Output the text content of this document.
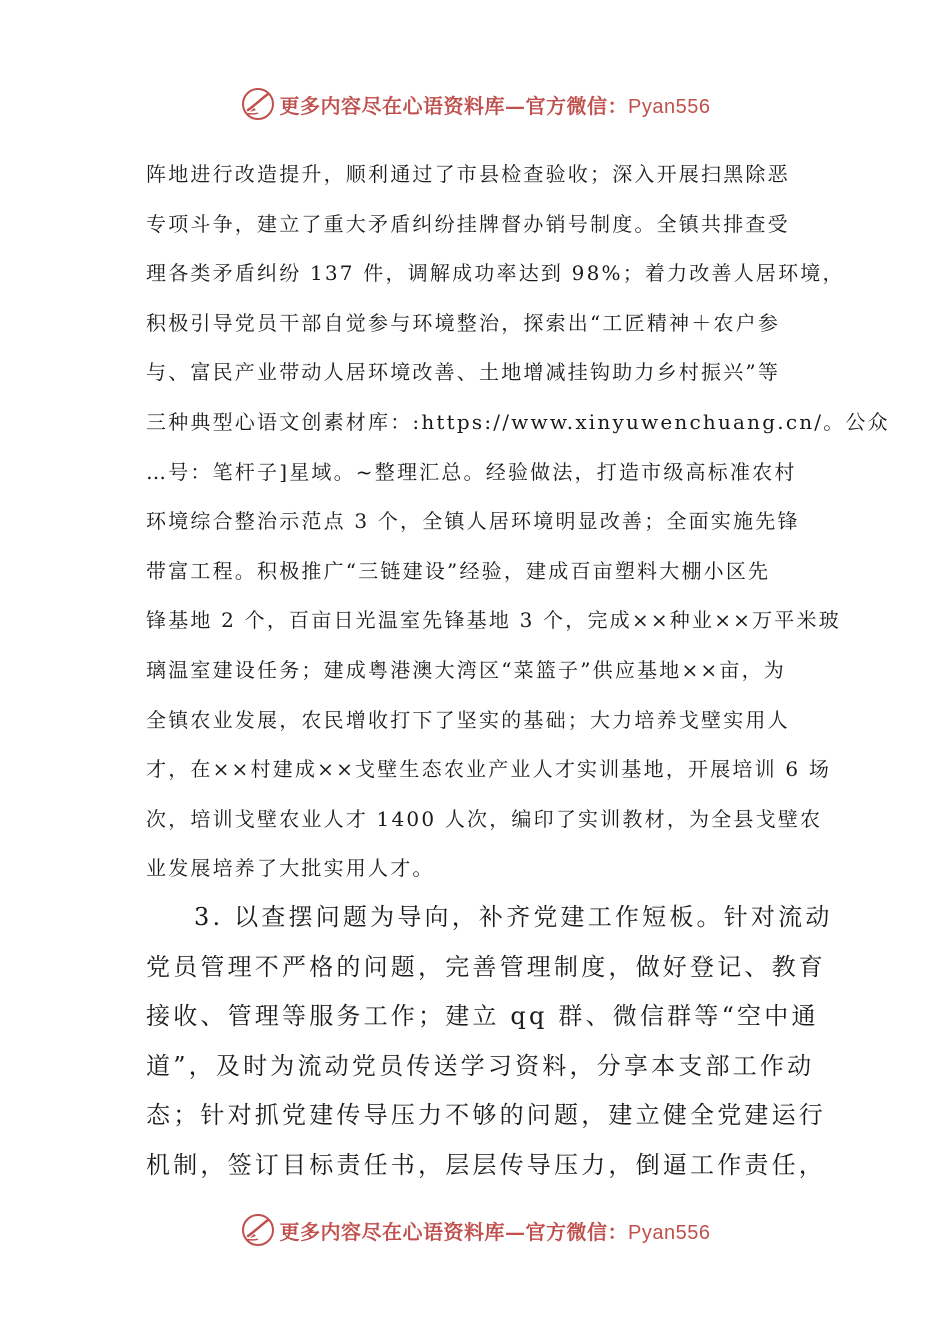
更多内容尽在心语资料库—官方微信：Pyan556
阵地进行改造提升，顺利通过了市县检查验收；深入开展扫黑除恶
专项斗争，建立了重大矛盾纠纷挂牌督办销号制度。全镇共排查受
理各类矛盾纠纷 137 件，调解成功率达到 98%；着力改善人居环境，
积极引导党员干部自觉参与环境整治，探索出“工匠精神＋农户参
与、富民产业带动人居环境改善、土地增减挂钩助力乡村振兴”等
三种典型心语文创素材库：:https://www.xinyuwenchuang.cn/。公众
…号：笔杆子]星域。~整理汇总。经验做法，打造市级高标准农村
环境综合整治示范点 3 个，全镇人居环境明显改善；全面实施先锋
带富工程。积极推广“三链建设”经验，建成百亩塑料大棚小区先
锋基地 2 个，百亩日光温室先锋基地 3 个，完成××种业××万平米玻
璃温室建设任务；建成粤港澳大湾区“菜篮子”供应基地××亩，为
全镇农业发展，农民增收打下了坚实的基础；大力培养戈壁实用人
才，在××村建成××戈壁生态农业产业人才实训基地，开展培训 6 场
次，培训戈壁农业人才 1400 人次，编印了实训教材，为全县戈壁农
业发展培养了大批实用人才。
3. 以查摆问题为导向，补齐党建工作短板。针对流动
党员管理不严格的问题，完善管理制度，做好登记、教育
接收、管理等服务工作；建立 qq 群、微信群等“空中通
道”，及时为流动党员传送学习资料，分享本支部工作动
态；针对抓党建传导压力不够的问题，建立健全党建运行
机制，签订目标责任书，层层传导压力，倒逼工作责任，
更多内容尽在心语资料库—官方微信：Pyan556
